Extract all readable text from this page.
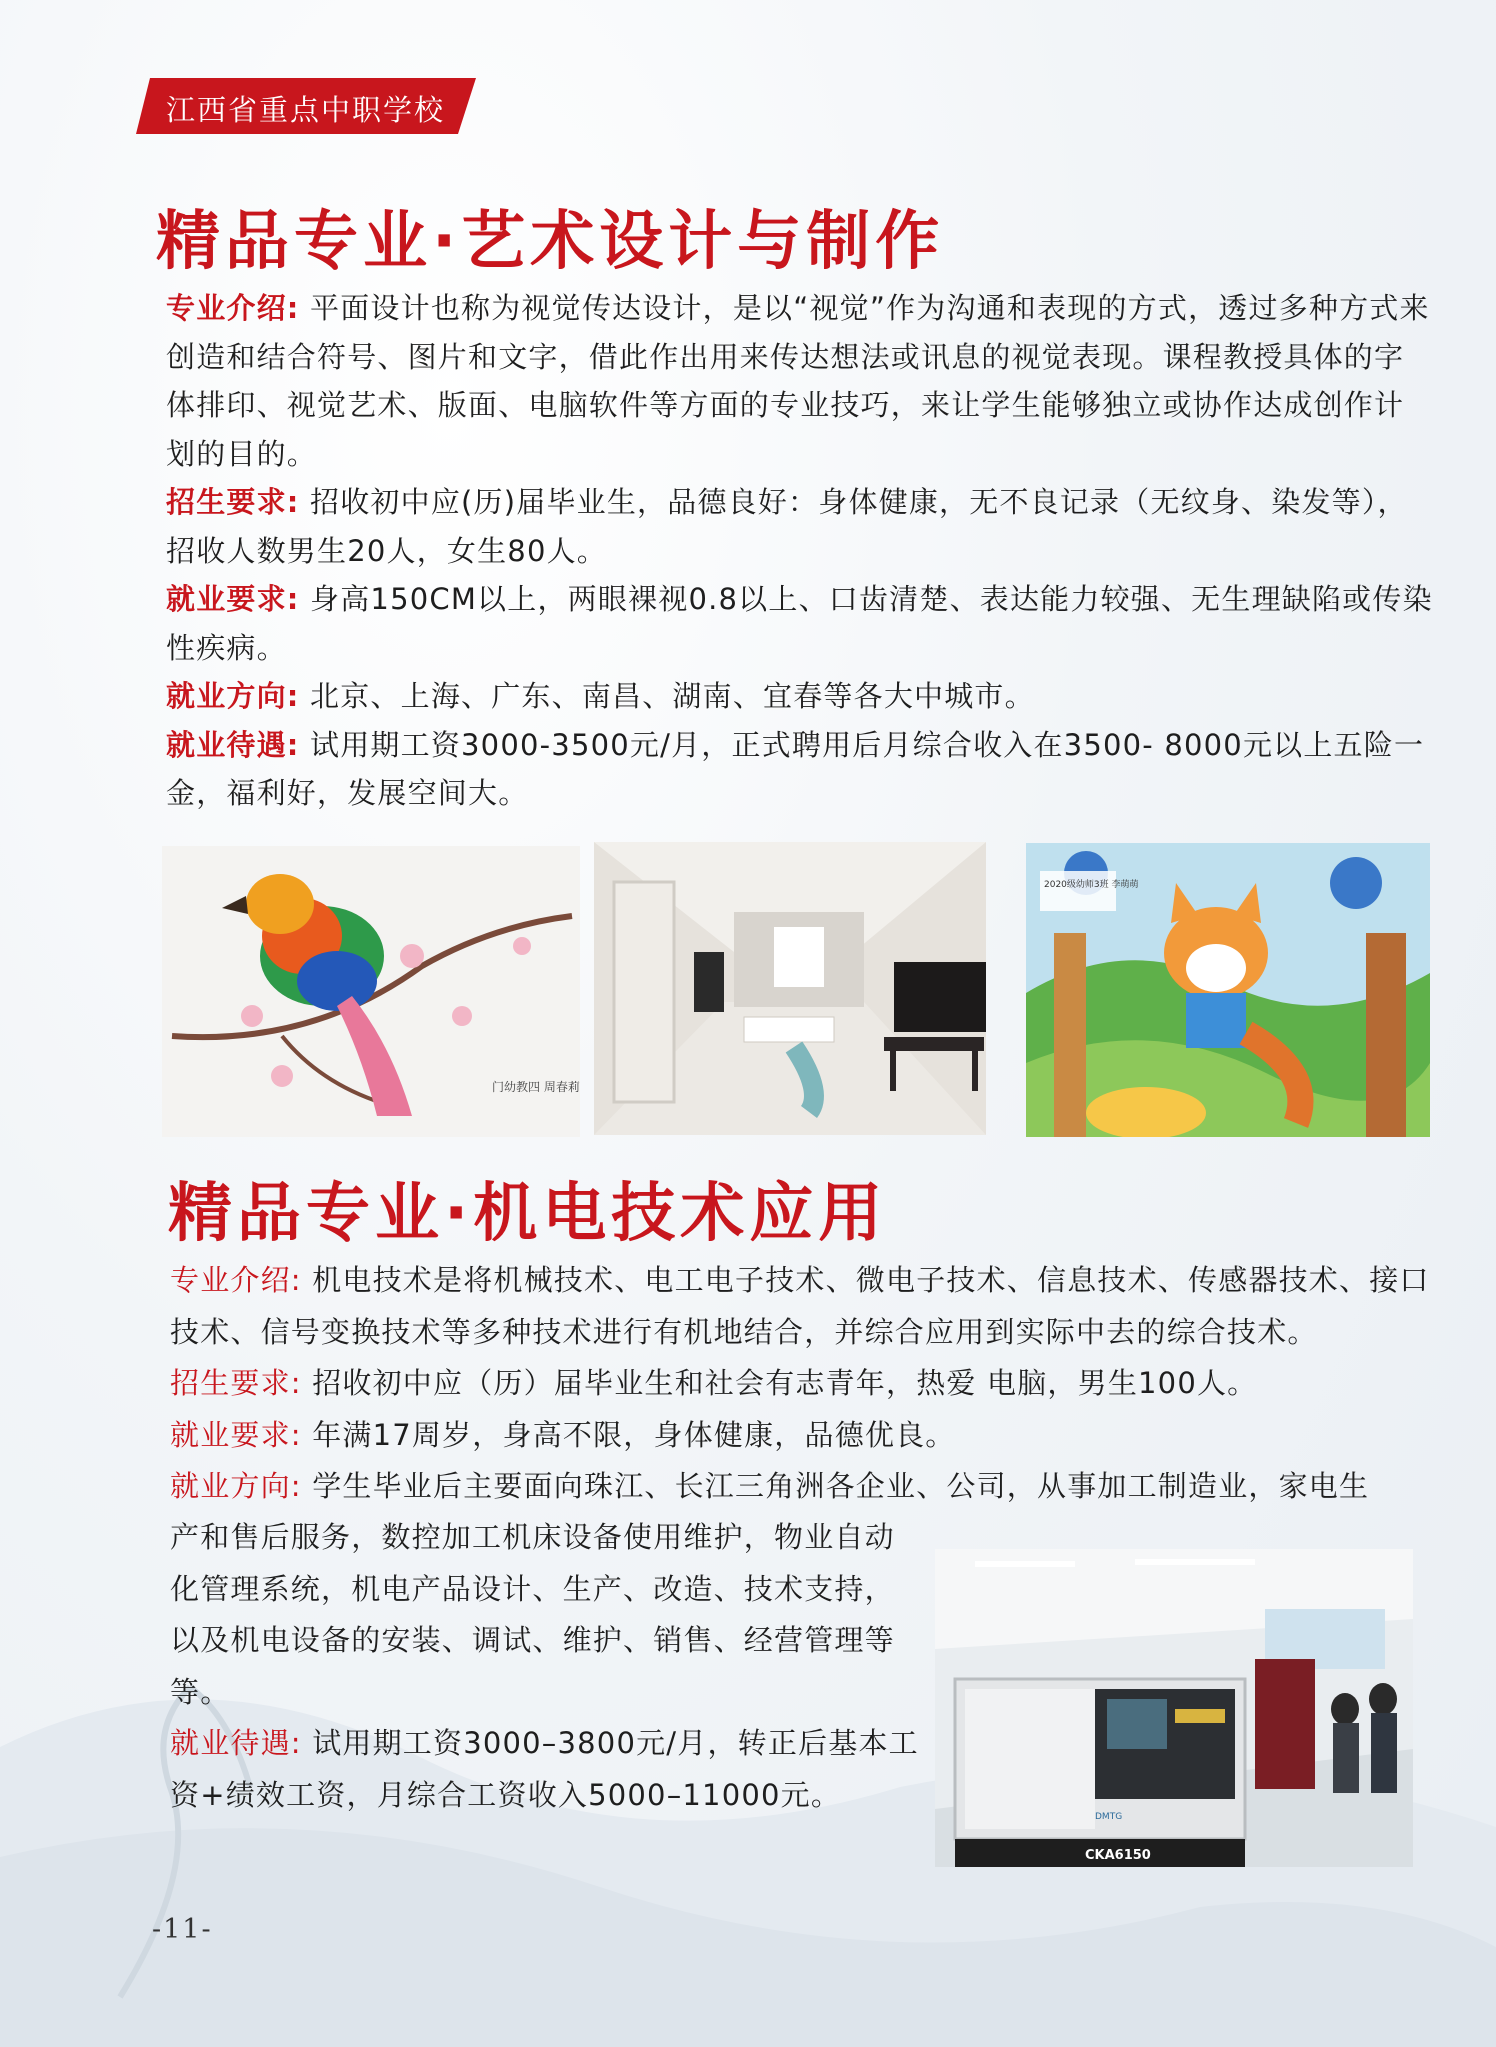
江西省重点中职学校
精品专业·艺术设计与制作

专业介绍: 平面设计也称为视觉传达设计，是以“视觉”作为沟通和表现的方式，透过多种方式来创造和结合符号、图片和文字，借此作出用来传达想法或讯息的视觉表现。课程教授具体的字体排印、视觉艺术、版面、电脑软件等方面的专业技巧，来让学生能够独立或协作达成创作计划的目的。

招生要求: 招收初中应(历)届毕业生，品德良好：身体健康，无不良记录（无纹身、染发等），招收人数男生20人，女生80人。

就业要求: 身高150CM以上，两眼裸视0.8以上、口齿清楚、表达能力较强、无生理缺陷或传染性疾病。

就业方向: 北京、上海、广东、南昌、湖南、宜春等各大中城市。

就业待遇: 试用期工资3000-3500元/月，正式聘用后月综合收入在3500- 8000元以上五险一金，福利好，发展空间大。

门幼教四 周春莉
2020级幼师3班 李萌萌
精品专业·机电技术应用

专业介绍: 机电技术是将机械技术、电工电子技术、微电子技术、信息技术、传感器技术、接口技术、信号变换技术等多种技术进行有机地结合，并综合应用到实际中去的综合技术。

招生要求: 招收初中应（历）届毕业生和社会有志青年，热爱 电脑，男生100人。

就业要求: 年满17周岁，身高不限，身体健康，品德优良。

就业方向: 学生毕业后主要面向珠江、长江三角洲各企业、公司，从事加工制造业，家电生

产和售后服务，数控加工机床设备使用维护，物业自动

化管理系统，机电产品设计、生产、改造、技术支持，

以及机电设备的安装、调试、维护、销售、经营管理等

等。

就业待遇: 试用期工资3000–3800元/月，转正后基本工

资+绩效工资，月综合工资收入5000–11000元。

CKA6150
DMTG
-11-
